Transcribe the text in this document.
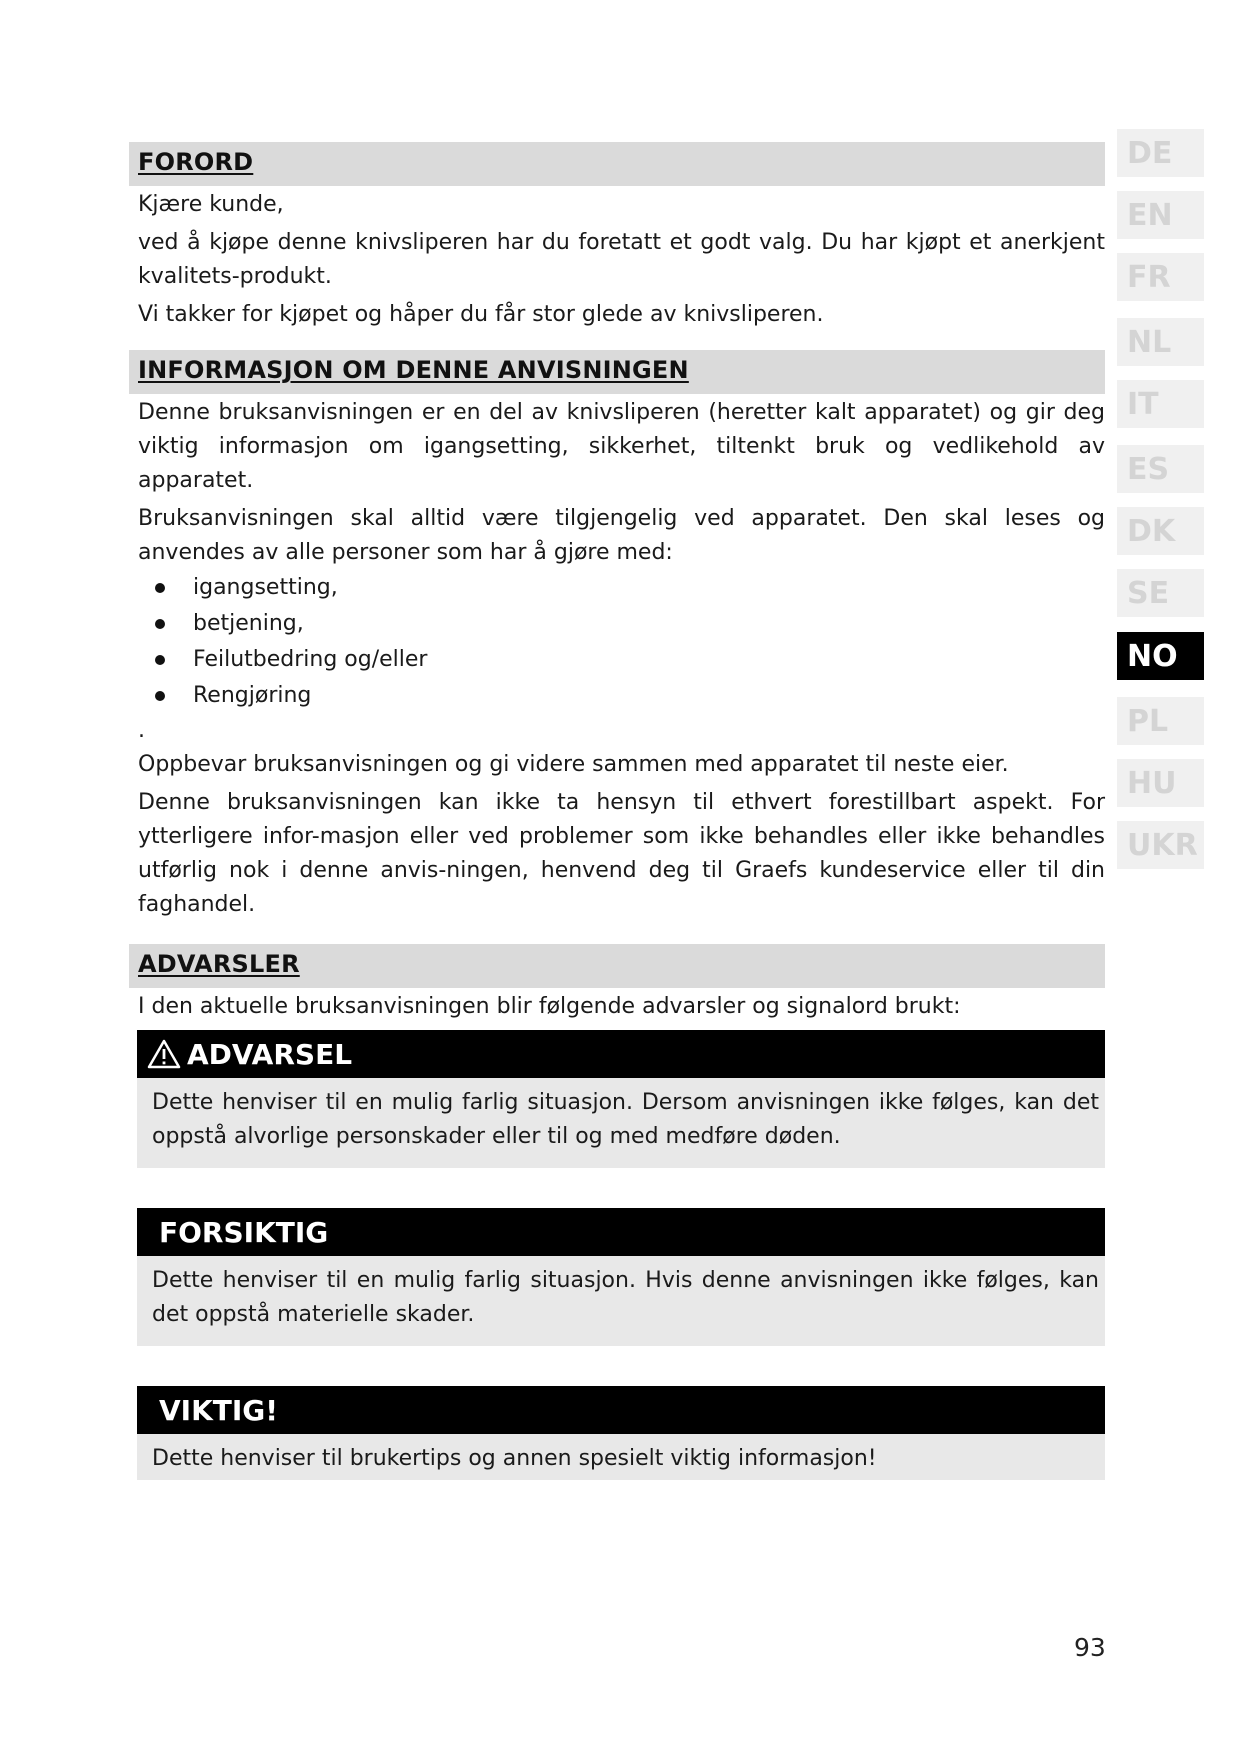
FORORD

Kjære kunde,

ved å kjøpe denne knivsliperen har du foretatt et godt valg. Du har kjøpt et anerkjent kvalitets-produkt.

Vi takker for kjøpet og håper du får stor glede av knivsliperen.

INFORMASJON OM DENNE ANVISNINGEN

Denne bruksanvisningen er en del av knivsliperen (heretter kalt apparatet) og gir deg viktig informasjon om igangsetting, sikkerhet, tiltenkt bruk og vedlikehold av apparatet.

Bruksanvisningen skal alltid være tilgjengelig ved apparatet. Den skal leses og anvendes av alle personer som har å gjøre med:

igangsetting,
betjening,
Feilutbedring og/eller
Rengjøring
.

Oppbevar bruksanvisningen og gi videre sammen med apparatet til neste eier.

Denne bruksanvisningen kan ikke ta hensyn til ethvert forestillbart aspekt. For ytterligere infor-masjon eller ved problemer som ikke behandles eller ikke behandles utførlig nok i denne anvis-ningen, henvend deg til Graefs kundeservice eller til din faghandel.

ADVARSLER

I den aktuelle bruksanvisningen blir følgende advarsler og signalord brukt:

ADVARSEL
Dette henviser til en mulig farlig situasjon. Dersom anvisningen ikke følges, kan det oppstå alvorlige personskader eller til og med medføre døden.
FORSIKTIG
Dette henviser til en mulig farlig situasjon. Hvis denne anvisningen ikke følges, kan det oppstå materielle skader.
VIKTIG!
Dette henviser til brukertips og annen spesielt viktig informasjon!
DE
EN
FR
NL
IT
ES
DK
SE
NO
PL
HU
UKR
93
